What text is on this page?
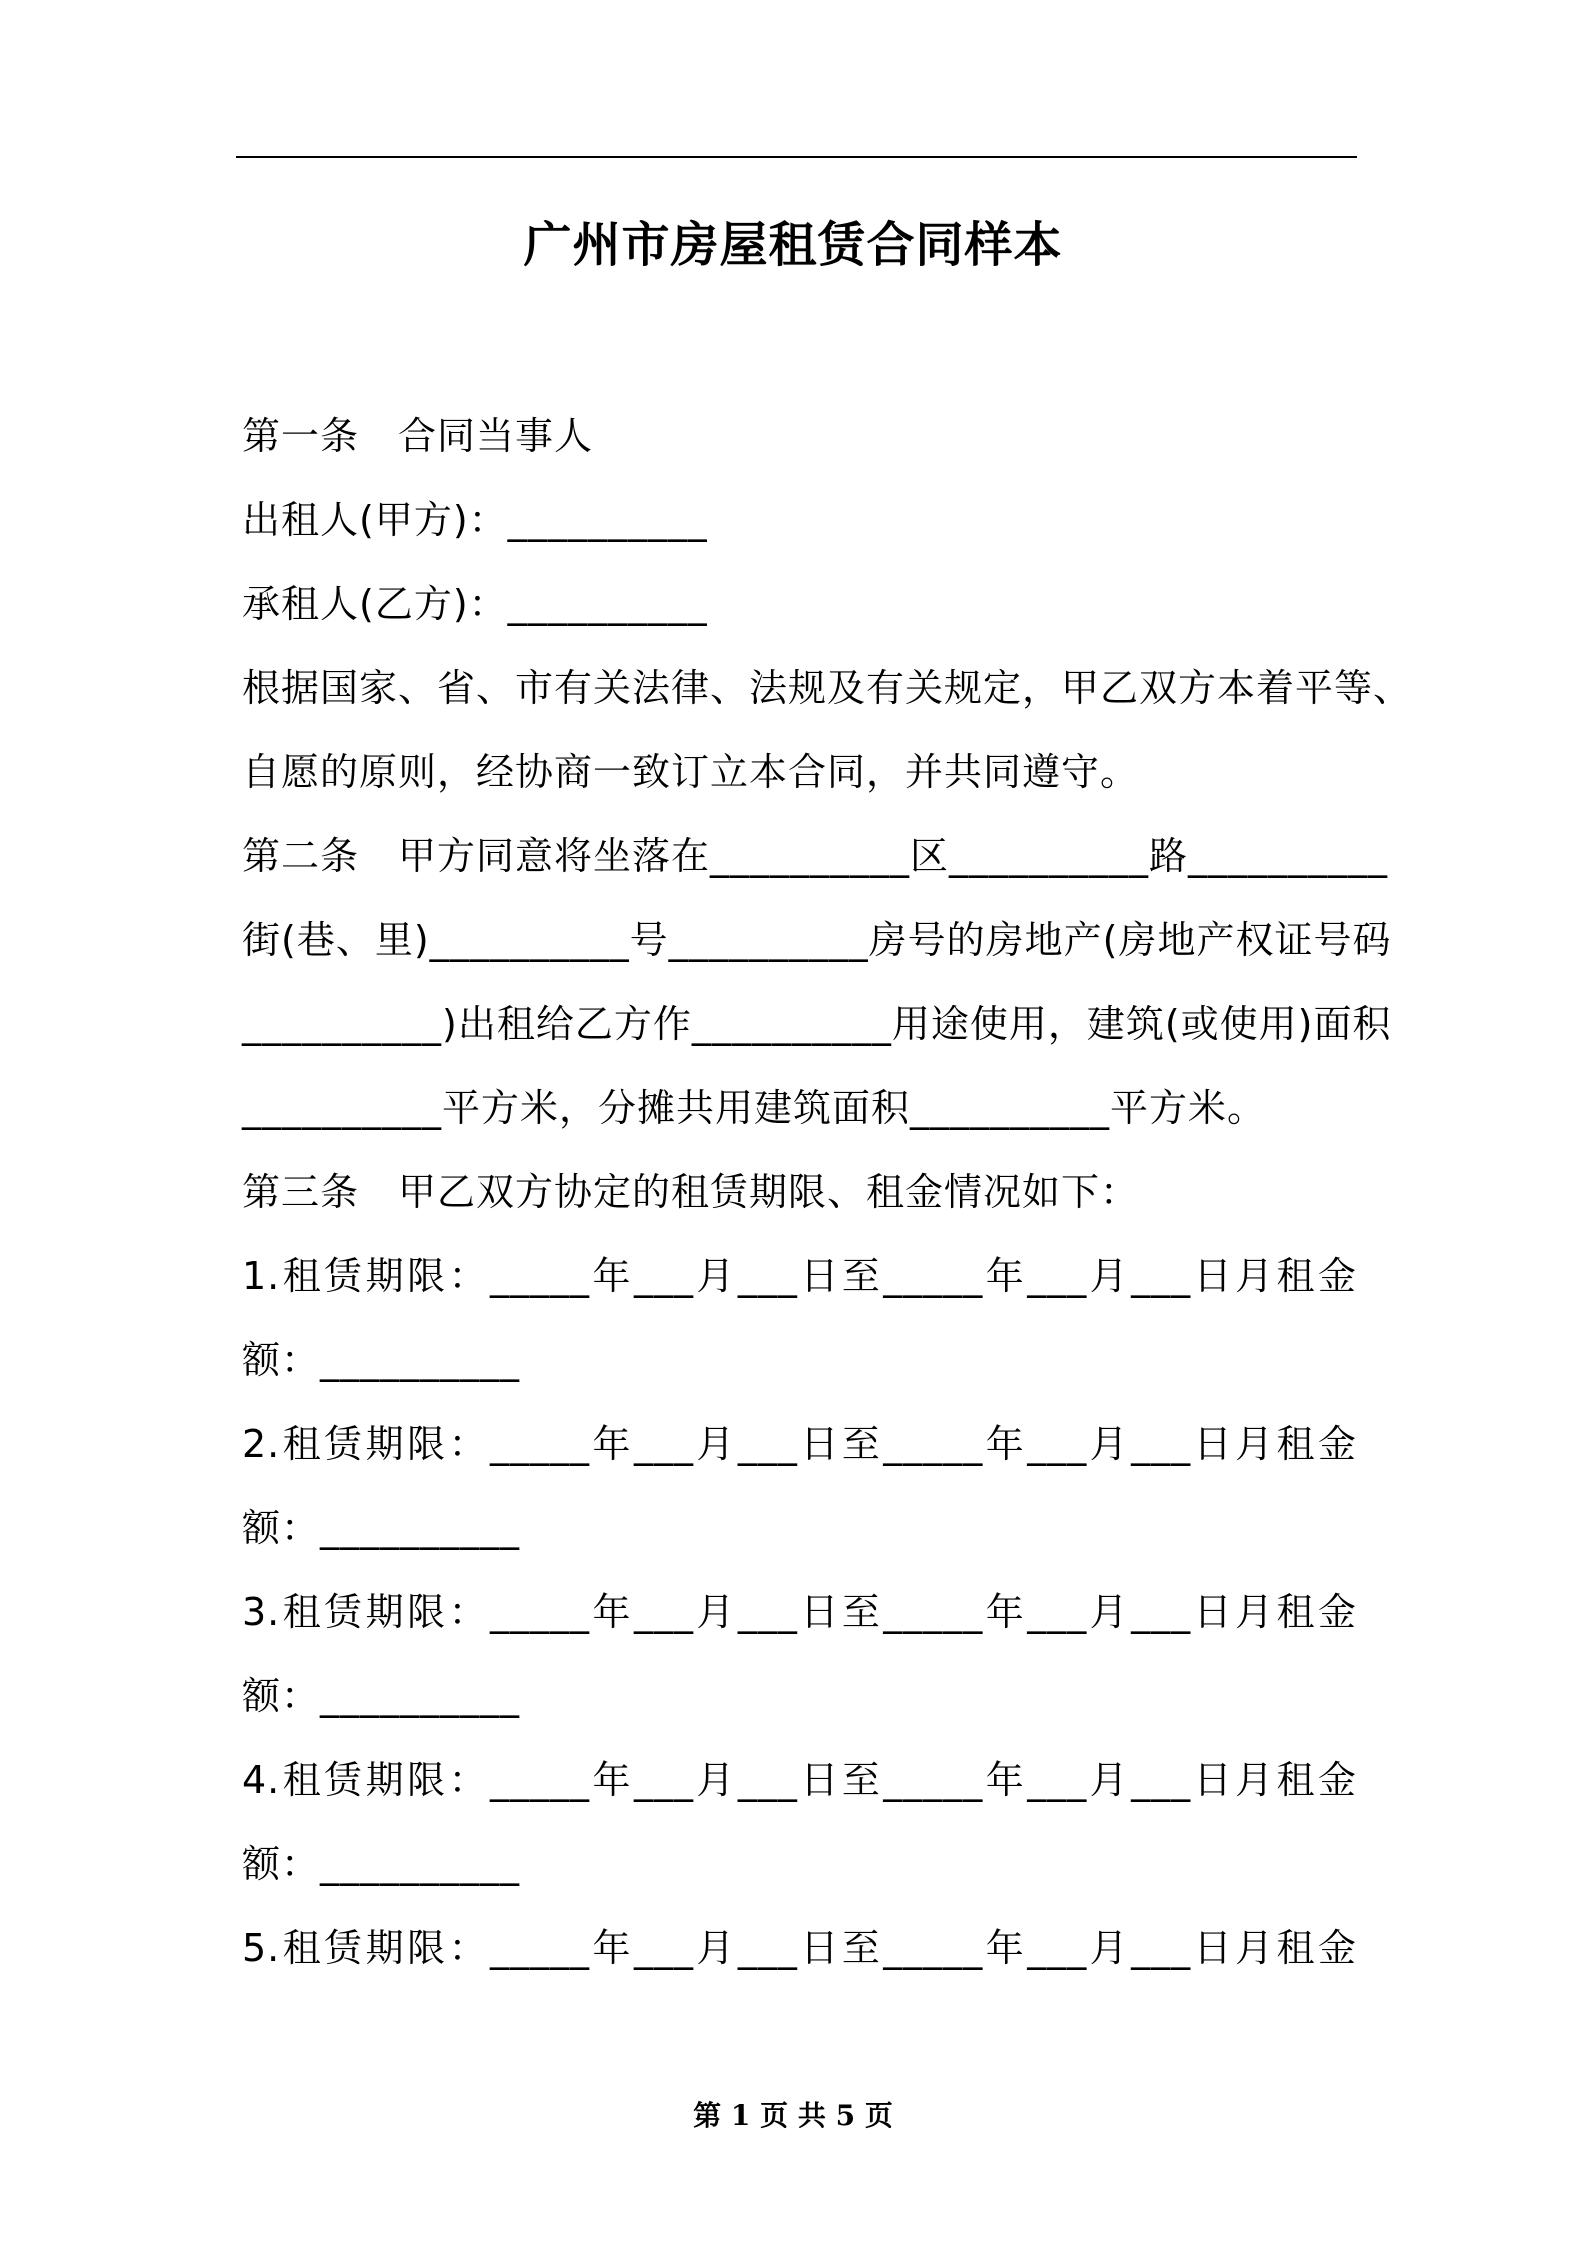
广州市房屋租赁合同样本
第一条　合同当事人
出租人(甲方)：__________
承租人(乙方)：__________
根据国家、省、市有关法律、法规及有关规定，甲乙双方本着平等、
自愿的原则，经协商一致订立本合同，并共同遵守。
第二条　甲方同意将坐落在__________区__________路__________
街(巷、里)__________号__________房号的房地产(房地产权证号码
__________)出租给乙方作__________用途使用，建筑(或使用)面积
__________平方米，分摊共用建筑面积__________平方米。
第三条　甲乙双方协定的租赁期限、租金情况如下：
1.租赁期限：_____年___月___日至_____年___月___日月租金
额：__________
2.租赁期限：_____年___月___日至_____年___月___日月租金
额：__________
3.租赁期限：_____年___月___日至_____年___月___日月租金
额：__________
4.租赁期限：_____年___月___日至_____年___月___日月租金
额：__________
5.租赁期限：_____年___月___日至_____年___月___日月租金
第 1 页 共 5 页
